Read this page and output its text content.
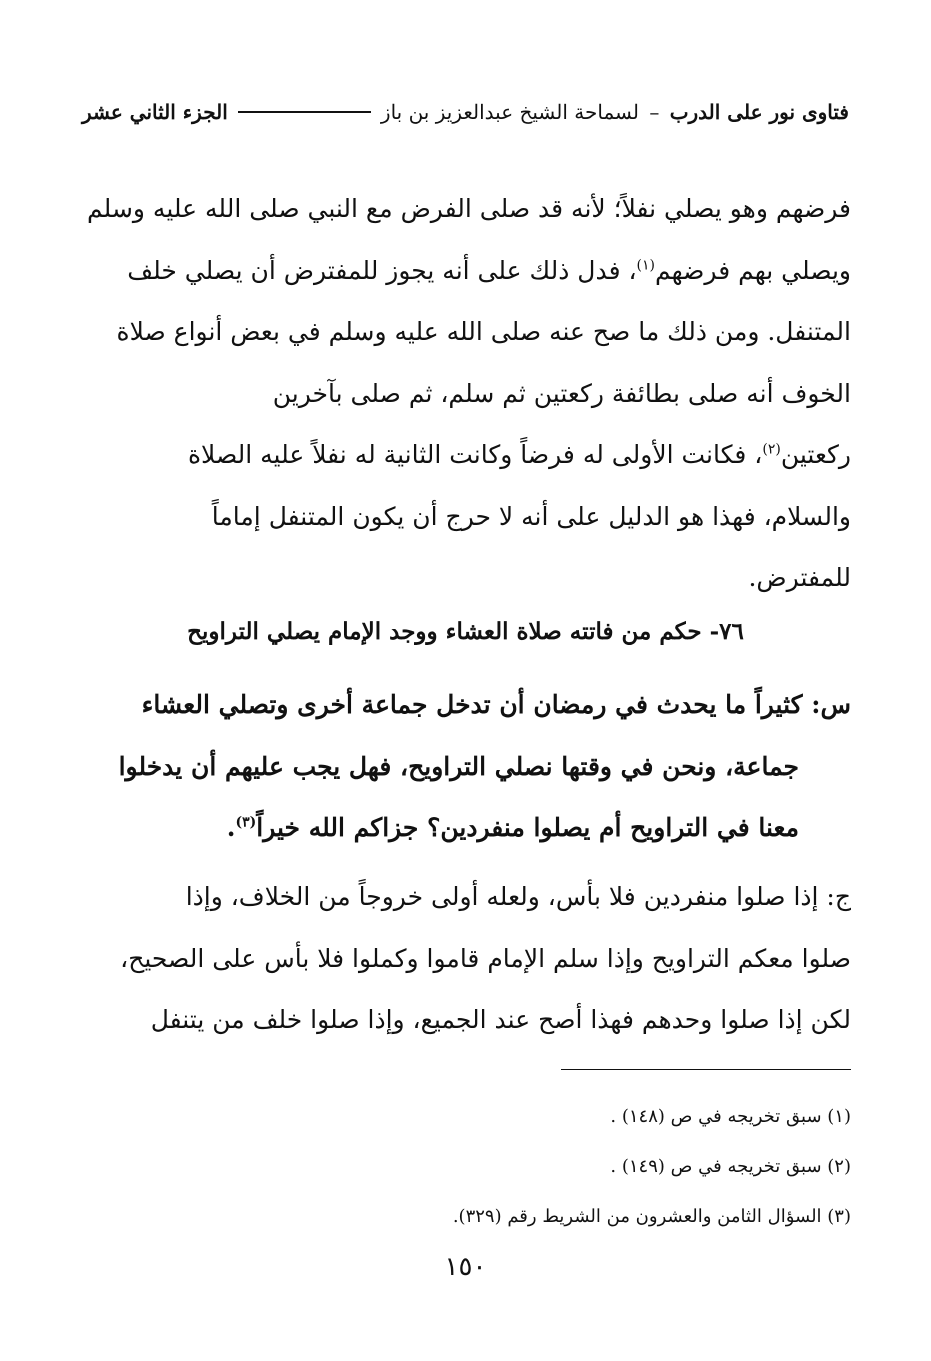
فتاوى نور على الدرب – لسماحة الشيخ عبدالعزيز بن باز
الجزء الثاني عشر
فرضهم وهو يصلي نفلاً؛ لأنه قد صلى الفرض مع النبي صلى الله عليه وسلم
ويصلي بهم فرضهم$^{(١)}$، فدل ذلك على أنه يجوز للمفترض أن يصلي خلف
المتنفل. ومن ذلك ما صح عنه صلى الله عليه وسلم في بعض أنواع صلاة
الخوف أنه صلى بطائفة ركعتين ثم سلم، ثم صلى بآخرين
ركعتين$^{(٢)}$، فكانت الأولى له فرضاً وكانت الثانية له نفلاً عليه الصلاة
والسلام، فهذا هو الدليل على أنه لا حرج أن يكون المتنفل إماماً
للمفترض.
٧٦- حكم من فاتته صلاة العشاء ووجد الإمام يصلي التراويح
س: كثيراً ما يحدث في رمضان أن تدخل جماعة أخرى وتصلي العشاء
جماعة، ونحن في وقتها نصلي التراويح، فهل يجب عليهم أن يدخلوا
معنا في التراويح أم يصلوا منفردين؟ جزاكم الله خيراً$^{(٣)}$.
ج: إذا صلوا منفردين فلا بأس، ولعله أولى خروجاً من الخلاف، وإذا
صلوا معكم التراويح وإذا سلم الإمام قاموا وكملوا فلا بأس على الصحيح،
لكن إذا صلوا وحدهم فهذا أصح عند الجميع، وإذا صلوا خلف من يتنفل
(١) سبق تخريجه في ص (١٤٨) .
(٢) سبق تخريجه في ص (١٤٩) .
(٣) السؤال الثامن والعشرون من الشريط رقم (٣٢٩).
١٥٠
